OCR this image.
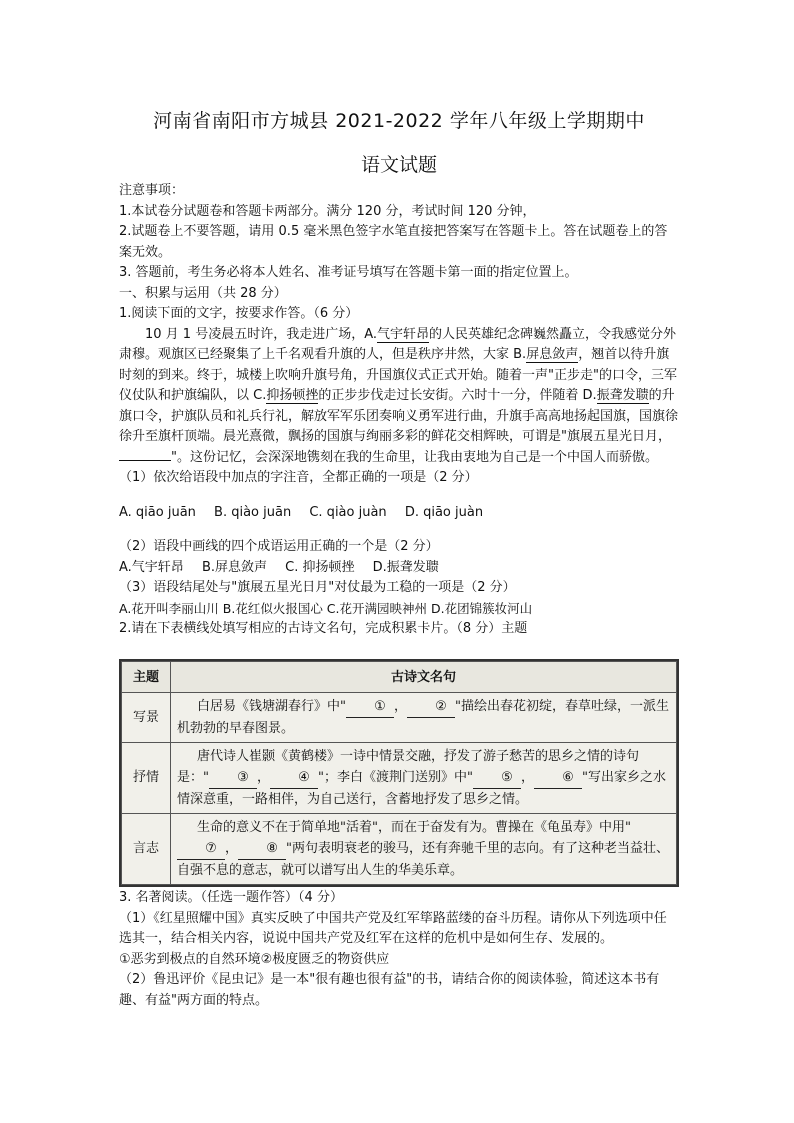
河南省南阳市方城县 2021-2022 学年八年级上学期期中
语文试题

注意事项：

1.本试卷分试题卷和答题卡两部分。满分 120 分，考试时间 120 分钟，

2.试题卷上不要答题，请用 0.5 毫米黑色签字水笔直接把答案写在答题卡上。答在试题卷上的答案无效。

3. 答题前，考生务必将本人姓名、准考证号填写在答题卡第一面的指定位置上。

一、积累与运用（共 28 分）

1.阅读下面的文字，按要求作答。（6 分）

10 月 1 号凌晨五时许，我走进广场，A.气宇轩昂的人民英雄纪念碑巍然矗立，令我感觉分外肃穆。观旗区已经聚集了上千名观看升旗的人，但是秩序井然，大家 B.屏息敛声，翘首以待升旗时刻的到来。终于，城楼上吹响升旗号角，升国旗仪式正式开始。随着一声"正步走"的口令，三军仪仗队和护旗编队，以 C.抑扬顿挫的正步步伐走过长安街。六时十一分，伴随着 D.振聋发聩的升旗口令，护旗队员和礼兵行礼，解放军军乐团奏响义勇军进行曲，升旗手高高地扬起国旗，国旗徐徐升至旗杆顶端。晨光熹微，飘扬的国旗与绚丽多彩的鲜花交相辉映，可谓是"旗展五星光日月，"。这份记忆，会深深地镌刻在我的生命里，让我由衷地为自己是一个中国人而骄傲。

（1）依次给语段中加点的字注音，全都正确的一项是（2 分）

A. qiāo juān B. qiào juān C. qiào juàn D. qiāo juàn

（2）语段中画线的四个成语运用正确的一个是（2 分）

A.气宇轩昂 B.屏息敛声 C. 抑扬顿挫 D.振聋发聩

（3）语段结尾处与"旗展五星光日月"对仗最为工稳的一项是（2 分）

A.花开叫李丽山川 B.花红似火报国心 C.花开满园映神州 D.花团锦簇妆河山

2.请在下表横线处填写相应的古诗文名句，完成积累卡片。（8 分）主题

主题	古诗文名句
写景	白居易《钱塘湖春行》中" ① ， ② "描绘出春花初绽，春草吐绿，一派生机勃勃的早春图景。
抒情	唐代诗人崔颢《黄鹤楼》一诗中情景交融，抒发了游子愁苦的思乡之情的诗句是：" ③ ， ④ "；李白《渡荆门送别》中" ⑤ ， ⑥ "写出家乡之水情深意重，一路相伴，为自己送行，含蓄地抒发了思乡之情。
言志	生命的意义不在于简单地"活着"，而在于奋发有为。曹操在《龟虽寿》中用"⑦ ， ⑧ "两句表明衰老的骏马，还有奔驰千里的志向。有了这种老当益壮、自强不息的意志，就可以谱写出人生的华美乐章。

3. 名著阅读。（任选一题作答）（4 分）

（1）《红星照耀中国》真实反映了中国共产党及红军筚路蓝缕的奋斗历程。请你从下列选项中任选其一，结合相关内容，说说中国共产党及红军在这样的危机中是如何生存、发展的。

①恶劣到极点的自然环境②极度匮乏的物资供应

（2）鲁迅评价《昆虫记》是一本"很有趣也很有益"的书，请结合你的阅读体验，简述这本书有趣、有益"两方面的特点。
